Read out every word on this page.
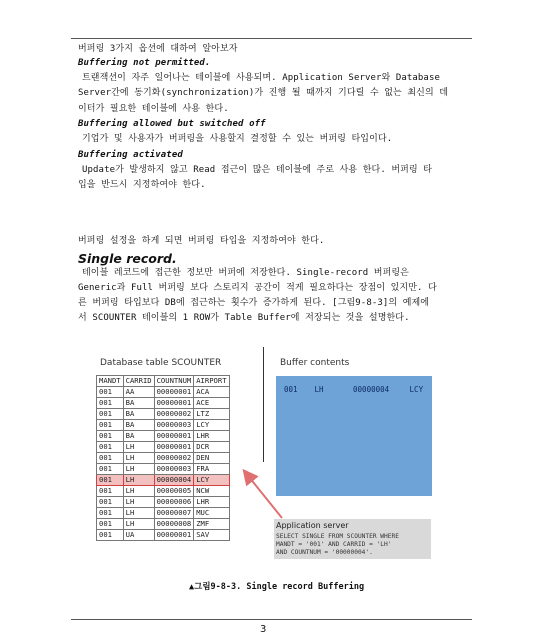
버퍼링 3가지 옵션에 대하여 알아보자
Buffering not permitted.
트랜잭션이 자주 일어나는 테이블에 사용되며. Application Server와 Database
Server간에 동기화(synchronization)가 진행 될 때까지 기다릴 수 없는 최신의 데
이터가 필요한 테이블에 사용 한다.
Buffering allowed but switched off
기업가 및 사용자가 버퍼링을 사용할지 결정할 수 있는 버퍼링 타입이다.
Buffering activated
Update가 발생하지 않고 Read 접근이 많은 테이블에 주로 사용 한다. 버퍼링 타
입을 반드시 지정하여야 한다.
버퍼링 설정을 하게 되면 버퍼링 타입을 지정하여야 한다.
Single record.
테이블 레코드에 접근한 정보만 버퍼에 저장한다. Single-record 버퍼링은
Generic과 Full 버퍼링 보다 스토리지 공간이 적게 필요하다는 장점이 있지만. 다
른 버퍼링 타입보다 DB에 접근하는 횟수가 증가하게 된다. [그림9-8-3]의 예제에
서 SCOUNTER 테이블의 1 ROW가 Table Buffer에 저장되는 것을 설명한다.
Database table SCOUNTER	Buffer contents
MANDT	CARRID	COUNTNUM	AIRPORT
001	AA	00000001	ACA
001	BA	00000001	ACE
001	BA	00000002	LTZ
001	BA	00000003	LCY
001	BA	00000001	LHR
001	LH	00000001	DCR
001	LH	00000002	DEN
001	LH	00000003	FRA
001	LH	00000004	LCY
001	LH	00000005	NCW
001	LH	00000006	LHR
001	LH	00000007	MUC
001	LH	00000008	ZMF
001	UA	00000001	SAV
001 LH	00000004	LCY
Application server
SELECT SINGLE FROM SCOUNTER WHERE
MANDT = '001' AND CARRID = 'LH'
AND COUNTNUM = '00000004'.
▲그림9-8-3. Single record Buffering
3
